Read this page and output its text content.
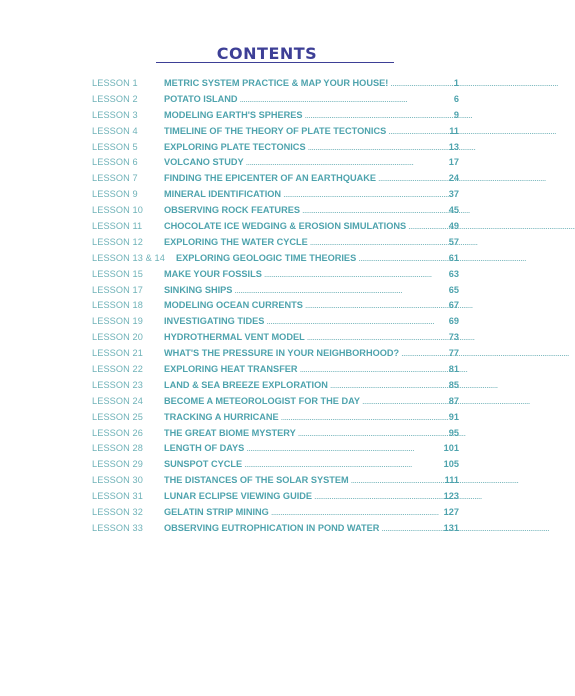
CONTENTS
LESSON 1	METRIC SYSTEM PRACTICE & MAP YOUR HOUSE! . . .	1
LESSON 2	POTATO ISLAND . . .	6
LESSON 3	MODELING EARTH'S SPHERES . . .	9
LESSON 4	TIMELINE OF THE THEORY OF PLATE TECTONICS . . .	11
LESSON 5	EXPLORING PLATE TECTONICS . . .	13
LESSON 6	VOLCANO STUDY . . .	17
LESSON 7	FINDING THE EPICENTER OF AN EARTHQUAKE . . .	24
LESSON 9	MINERAL IDENTIFICATION . . .	37
LESSON 10	OBSERVING ROCK FEATURES . . .	45
LESSON 11	CHOCOLATE ICE WEDGING & EROSION SIMULATIONS . . .	49
LESSON 12	EXPLORING THE WATER CYCLE . . .	57
LESSON 13 & 14	EXPLORING GEOLOGIC TIME THEORIES . . .	61
LESSON 15	MAKE YOUR FOSSILS . . .	63
LESSON 17	SINKING SHIPS . . .	65
LESSON 18	MODELING OCEAN CURRENTS . . .	67
LESSON 19	INVESTIGATING TIDES . . .	69
LESSON 20	HYDROTHERMAL VENT MODEL . . .	73
LESSON 21	WHAT'S THE PRESSURE IN YOUR NEIGHBORHOOD? . . .	77
LESSON 22	EXPLORING HEAT TRANSFER . . .	81
LESSON 23	LAND & SEA BREEZE EXPLORATION . . .	85
LESSON 24	BECOME A METEOROLOGIST FOR THE DAY . . .	87
LESSON 25	TRACKING A HURRICANE . . .	91
LESSON 26	THE GREAT BIOME MYSTERY . . .	95
LESSON 28	LENGTH OF DAYS . . .	101
LESSON 29	SUNSPOT CYCLE . . .	105
LESSON 30	THE DISTANCES OF THE SOLAR SYSTEM . . .	111
LESSON 31	LUNAR ECLIPSE VIEWING GUIDE . . .	123
LESSON 32	GELATIN STRIP MINING . . .	127
LESSON 33	OBSERVING EUTROPHICATION IN POND WATER . . .	131
